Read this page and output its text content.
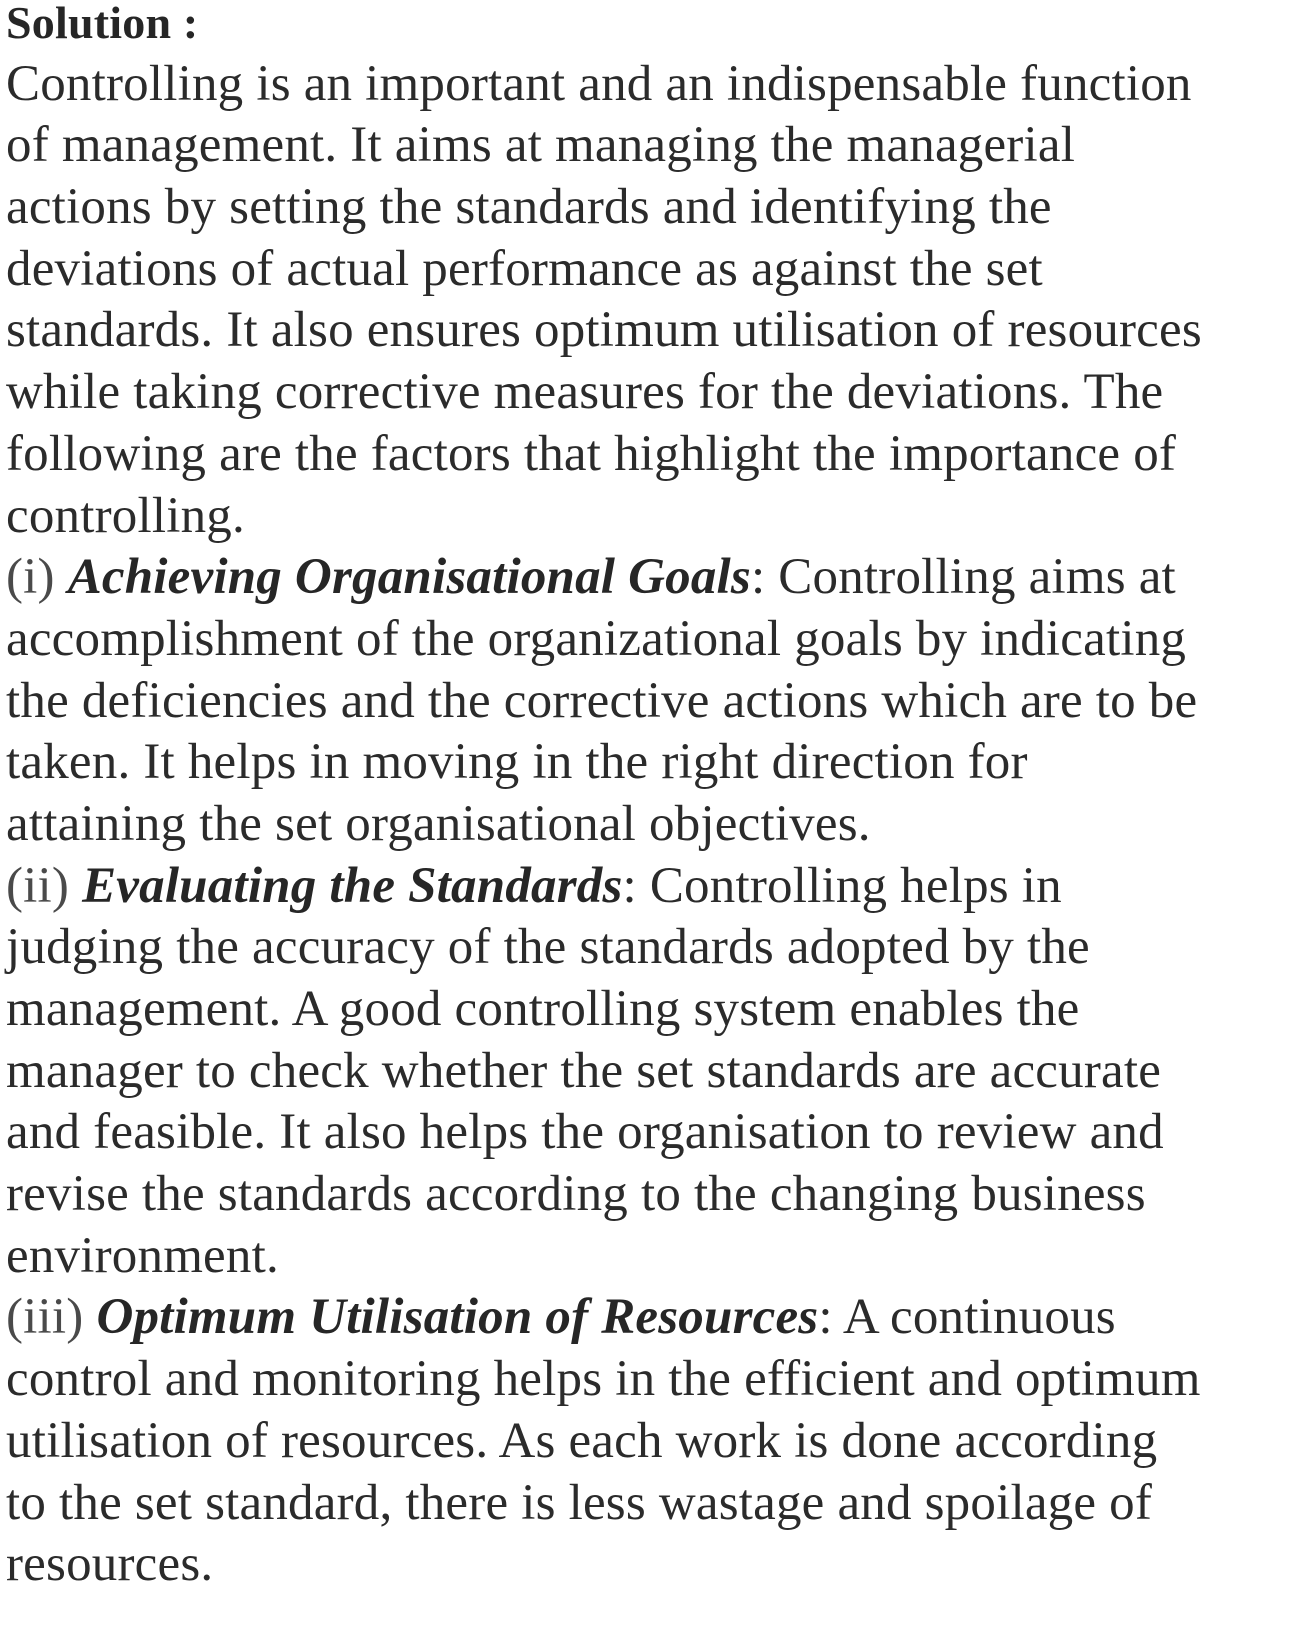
Solution :
Controlling is an important and an indispensable function
of management. It aims at managing the managerial
actions by setting the standards and identifying the
deviations of actual performance as against the set
standards. It also ensures optimum utilisation of resources
while taking corrective measures for the deviations. The
following are the factors that highlight the importance of
controlling.
(i) Achieving Organisational Goals: Controlling aims at
accomplishment of the organizational goals by indicating
the deficiencies and the corrective actions which are to be
taken. It helps in moving in the right direction for
attaining the set organisational objectives.
(ii) Evaluating the Standards: Controlling helps in
judging the accuracy of the standards adopted by the
management. A good controlling system enables the
manager to check whether the set standards are accurate
and feasible. It also helps the organisation to review and
revise the standards according to the changing business
environment.
(iii) Optimum Utilisation of Resources: A continuous
control and monitoring helps in the efficient and optimum
utilisation of resources. As each work is done according
to the set standard, there is less wastage and spoilage of
resources.
